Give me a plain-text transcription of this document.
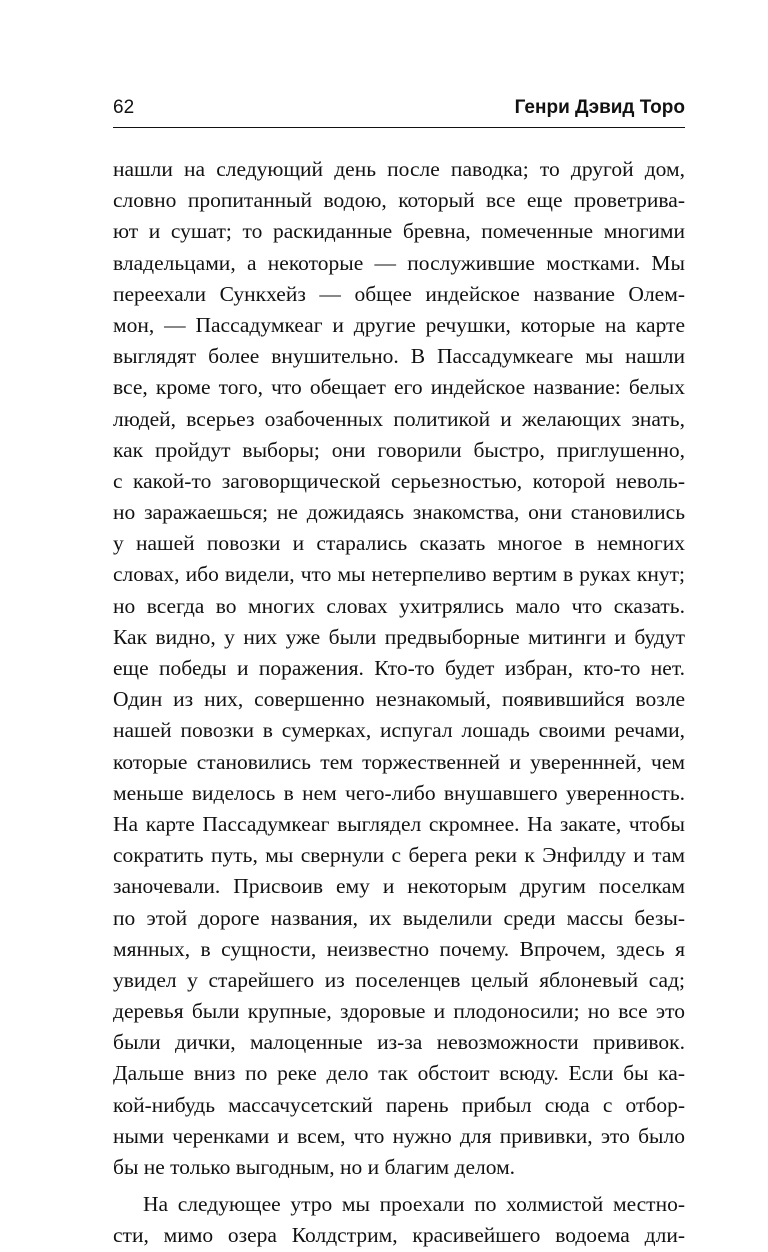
62	Генри Дэвид Торо
нашли на следующий день после паводка; то другой дом,
словно пропитанный водою, который все еще проветрива-
ют и сушат; то раскиданные бревна, помеченные многими
владельцами, а некоторые — послужившие мостками. Мы
переехали Сункхейз — общее индейское название Олем-
мон, — Пассадумкеаг и другие речушки, которые на карте
выглядят более внушительно. В Пассадумкеаге мы нашли
все, кроме того, что обещает его индейское название: белых
людей, всерьез озабоченных политикой и желающих знать,
как пройдут выборы; они говорили быстро, приглушенно,
с какой-то заговорщической серьезностью, которой неволь-
но заражаешься; не дожидаясь знакомства, они становились
у нашей повозки и старались сказать многое в немногих
словах, ибо видели, что мы нетерпеливо вертим в руках кнут;
но всегда во многих словах ухитрялись мало что сказать.
Как видно, у них уже были предвыборные митинги и будут
еще победы и поражения. Кто-то будет избран, кто-то нет.
Один из них, совершенно незнакомый, появившийся возле
нашей повозки в сумерках, испугал лошадь своими речами,
которые становились тем торжественней и увереннней, чем
меньше виделось в нем чего-либо внушавшего уверенность.
На карте Пассадумкеаг выглядел скромнее. На закате, чтобы
сократить путь, мы свернули с берега реки к Энфилду и там
заночевали. Присвоив ему и некоторым другим поселкам
по этой дороге названия, их выделили среди массы безы-
мянных, в сущности, неизвестно почему. Впрочем, здесь я
увидел у старейшего из поселенцев целый яблоневый сад;
деревья были крупные, здоровые и плодоносили; но все это
были дички, малоценные из-за невозможности прививок.
Дальше вниз по реке дело так обстоит всюду. Если бы ка-
кой-нибудь массачусетский парень прибыл сюда с отбор-
ными черенками и всем, что нужно для прививки, это было
бы не только выгодным, но и благим делом.
На следующее утро мы проехали по холмистой местно-
сти, мимо озера Колдстрим, красивейшего водоема дли-
